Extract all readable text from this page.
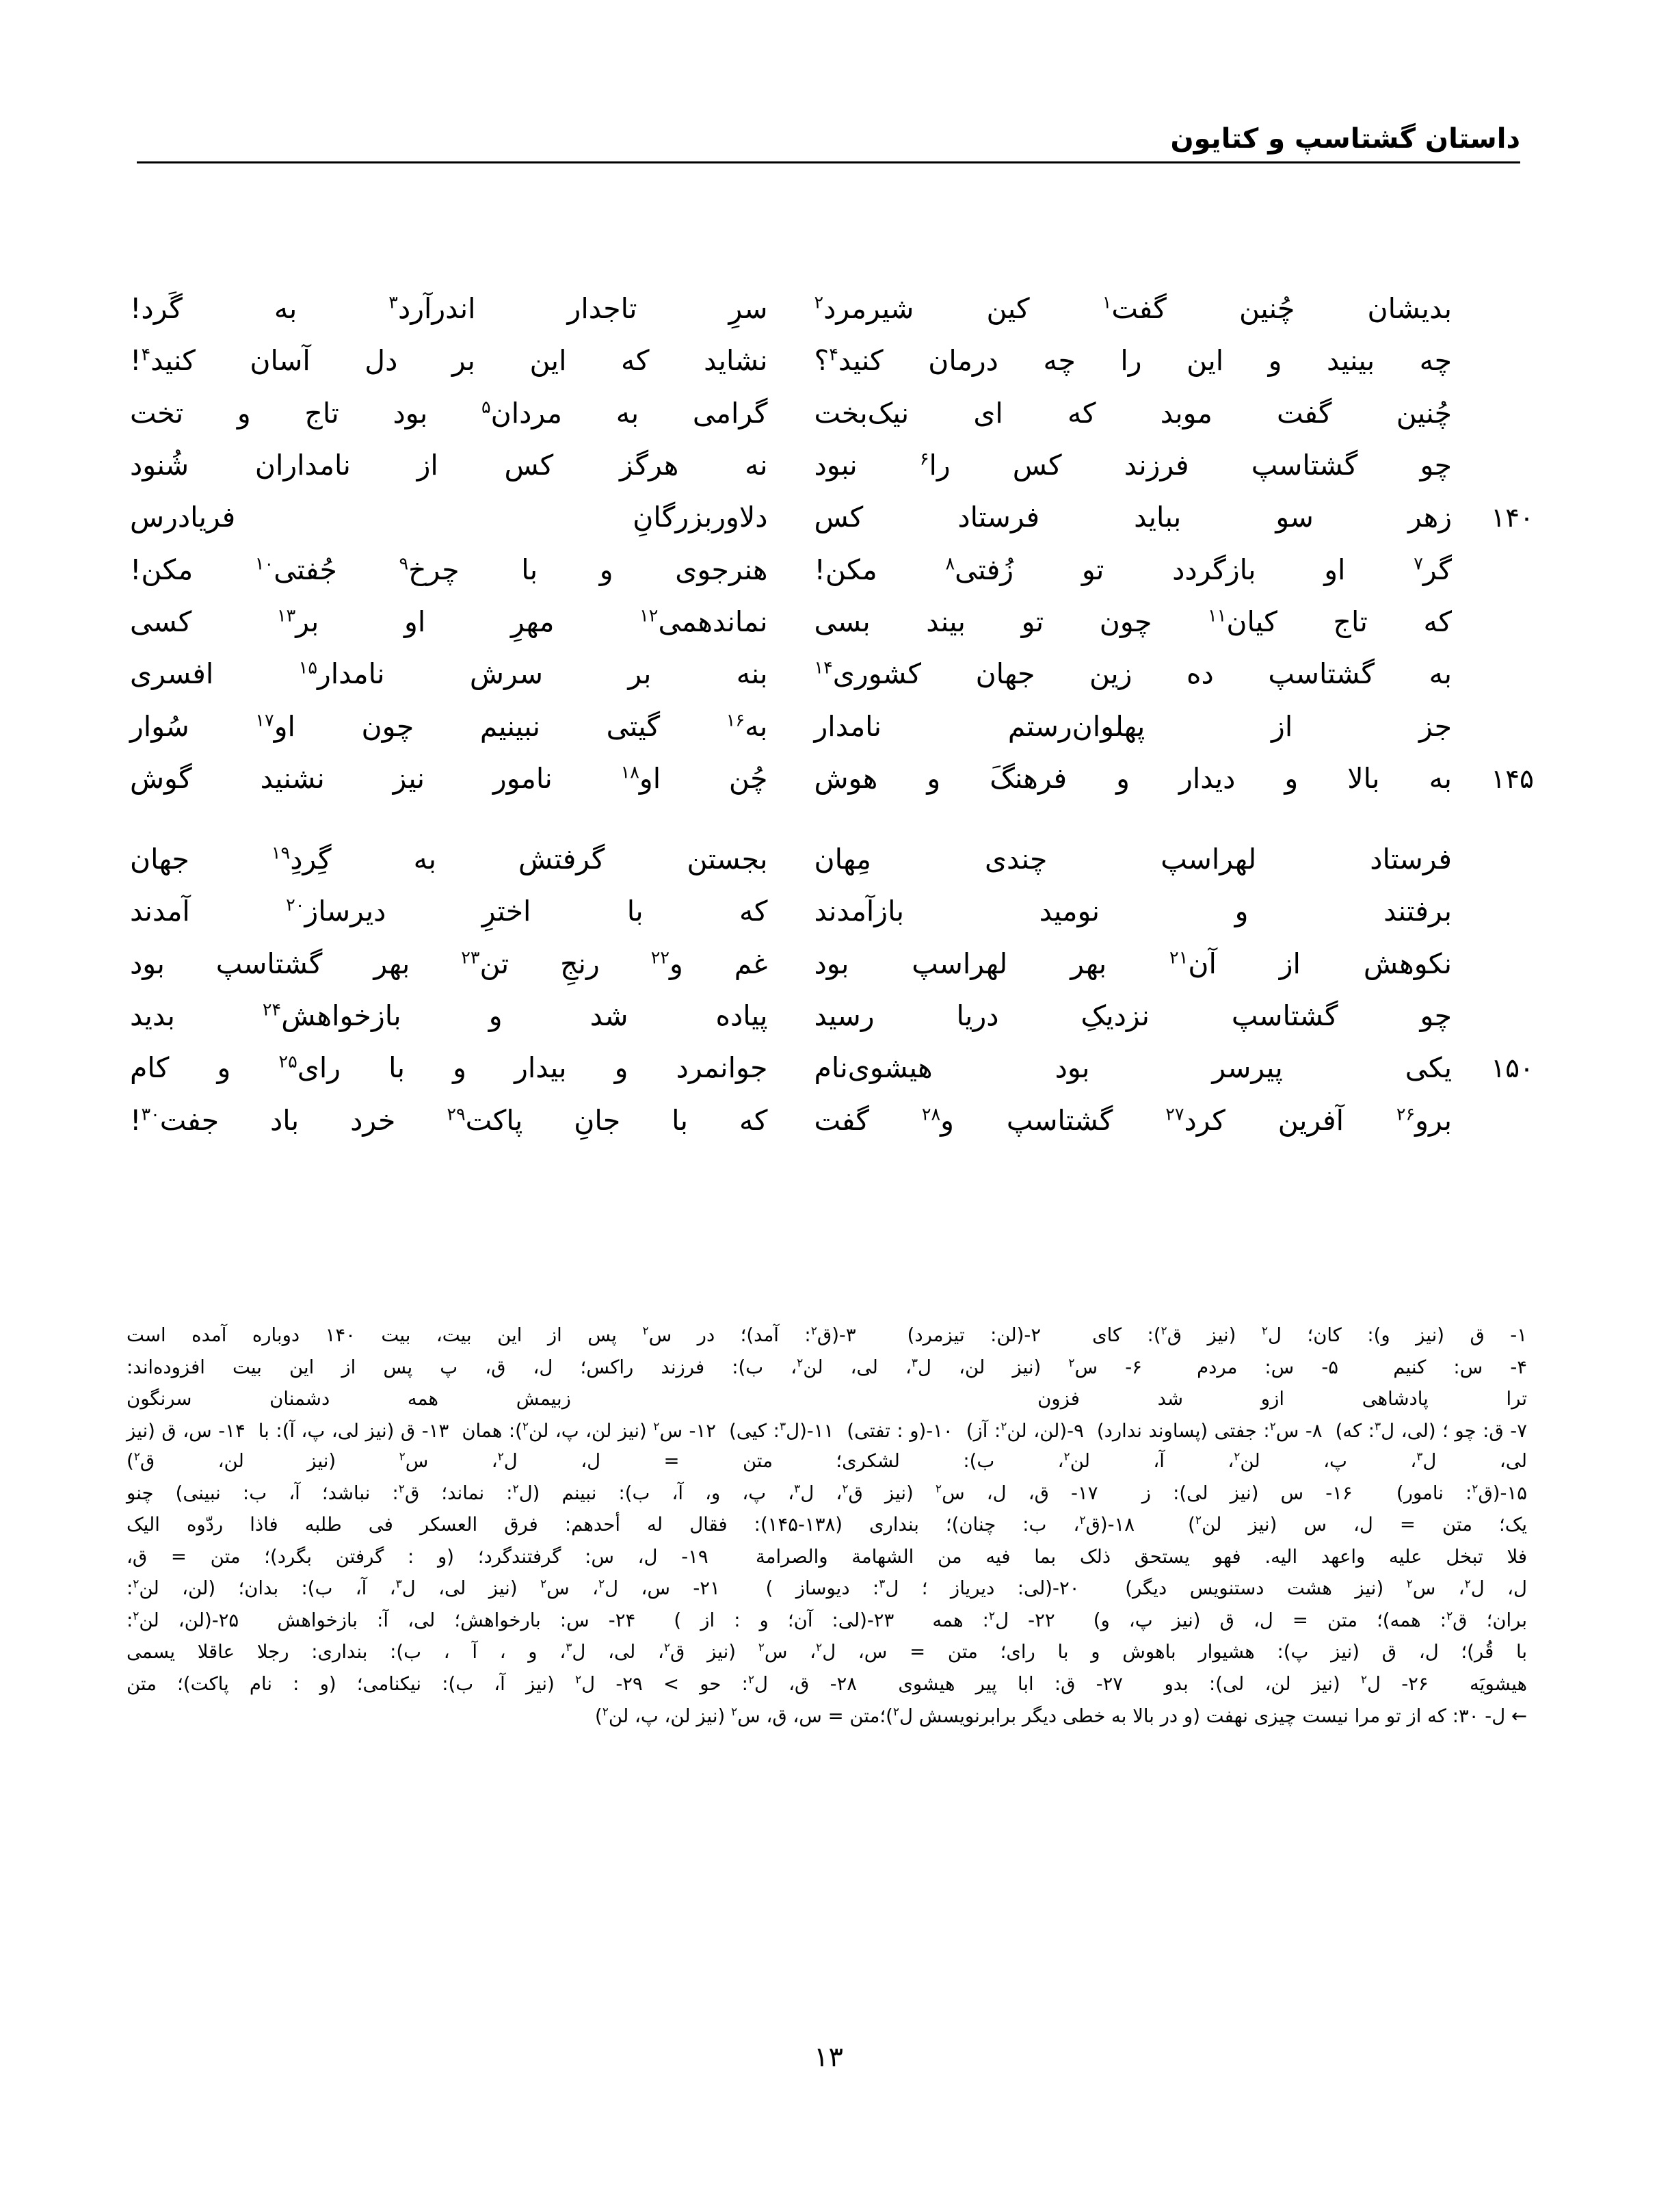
داستان گشتاسپ و کتایون
بدیشان چُنین گفت$^۱$ کین شیرمرد$^۲$
سرِ تاجدار اندرآرد$^۳$ به گَرد!
چه بینید و این را چه درمان کنید$^۴$؟
نشاید که این بر دل آسان کنید$^۴$!
چُنین گفت موبد که ای نیک‌بخت
گرامی به مردان$^۵$ بود تاج و تخت
چو گشتاسپ فرزند کس را$^۶$ نبود
نه هرگز کس از نامداران شُنود
۱۴۰
زهر سو بباید فرستاد کس
دلاوربزرگانِ فریادرس
گر$^۷$ او بازگردد تو زُفتی$^۸$ مکن!
هنرجوی و با چرخ$^۹$ جُفتی$^{۱۰}$ مکن!
که تاج کیان$^{۱۱}$ چون تو بیند بسی
نماندهمی$^{۱۲}$ مهرِ او بر$^{۱۳}$ کسی
به گشتاسپ ده زین جهان کشوری$^{۱۴}$
بنه بر سرش نامدار$^{۱۵}$ افسری
جز از پهلوان‌رستم نامدار
به$^{۱۶}$ گیتی نبینیم چون او$^{۱۷}$ سُوار
۱۴۵
به بالا و دیدار و فرهنگَ و هوش
چُن او$^{۱۸}$ نامور نیز نشنید گوش
فرستاد لهراسپ چندی مِهان
بجستن گرفتش به گِردِ$^{۱۹}$ جهان
برفتند و نومید بازآمدند
که با اخترِ دیرساز$^{۲۰}$ آمدند
نکوهش از آن$^{۲۱}$ بهر لهراسپ بود
غم و$^{۲۲}$ رنجِ تن$^{۲۳}$ بهر گشتاسپ بود
چو گشتاسپ نزدیکِ دریا رسید
پیاده شد و بازخواهش$^{۲۴}$ بدید
۱۵۰
یکی پیرسر بود هیشوی‌نام
جوانمرد و بیدار و با رای$^{۲۵}$ و کام
برو$^{۲۶}$ آفرین کرد$^{۲۷}$ گشتاسپ و$^{۲۸}$ گفت
که با جانِ پاکت$^{۲۹}$ خرد باد جفت$^{۳۰}$!
۱- ق (نیز و): کان؛ ل$^۲$ (نیز ق$^۲$): کای  ۲-(لن: تیزمرد)  ۳-(ق$^۲$: آمد)؛ در س$^۲$ پس از این بیت، بیت ۱۴۰ دوباره آمده است
۴- س: کنیم  ۵- س: مردم  ۶- س$^۲$ (نیز لن، ل$^۳$، لی، لن$^۲$، ب): فرزند راکس؛ ل، ق، پ پس از این بیت افزوده‌اند:
ترا پادشاهی ازو شد فزون      زبیمش همه دشمنان سرنگون
۷- ق: چو ؛ (لی، ل$^۳$: که)  ۸- س$^۲$: جفتی (پساوند ندارد)  ۹-(لن، لن$^۲$: آز)  ۱۰-(و : تفتی)  ۱۱-(ل$^۳$: کیی)  ۱۲- س$^۲$ (نیز لن، پ، لن$^۲$): همان  ۱۳- ق (نیز لی، پ، آ): با  ۱۴- س، ق (نیز لی، ل$^۳$، پ، لن$^۲$، آ، لن$^۲$، ب): لشکری؛ متن = ل، ل$^۲$، س$^۲$ (نیز لن، ق$^۲$)
۱۵-(ق$^۲$: نامور)  ۱۶- س (نیز لی): ز  ۱۷- ق، ل، س$^۲$ (نیز ق$^۲$، ل$^۳$، پ، و، آ، ب): نبینم (ل$^۲$: نماند؛ ق$^۲$: نباشد؛ آ، ب: نبینی) چنو
یک؛ متن = ل، س (نیز لن$^۲$)  ۱۸-(ق$^۲$، ب: چنان)؛ بنداری (۱۳۸-۱۴۵): فقال له أحدهم: فرق العسکر فی طلبه فاذا ردّوه الیک
فلا تبخل علیه واعهد الیه. فهو یستحق ذلک بما فیه من الشهامة والصرامة  ۱۹- ل، س: گرفتندگرد؛ (و : گرفتن بگرد)؛ متن = ق،
ل، ل$^۲$، س$^۲$ (نیز هشت دستنویس دیگر)  ۲۰-(لی: دیریاز ؛ ل$^۳$: دیوساز )  ۲۱- س، ل$^۲$، س$^۲$ (نیز لی، ل$^۳$، آ، ب): بدان؛ (لن، لن$^۲$:
بران؛ ق$^۲$: همه)؛ متن = ل، ق (نیز پ، و)  ۲۲- ل$^۲$: همه  ۲۳-(لی: آن؛ و : از )  ۲۴- س: بارخواهش؛ لی، آ: بازخواهش  ۲۵-(لن، لن$^۲$:
با قُر)؛ ل، ق (نیز پ): هشیوار باهوش و با رای؛ متن = س، ل$^۲$، س$^۲$ (نیز ق$^۲$، لی، ل$^۳$، و ، آ ، ب): بنداری: رجلا عاقلا یسمی
هیشویَه  ۲۶- ل$^۲$ (نیز لن، لی): بدو  ۲۷- ق: ابا پیر هیشوی  ۲۸- ق، ل$^۲$: حو > ۲۹- ل$^۲$ (نیز آ، ب): نیکنامی؛ (و : نام پاکت)؛ متن
← ل- ۳۰: که از تو مرا نیست چیزی نهفت (و در بالا به خطی دیگر برابرنویسش ل$^۲$)؛متن = س، ق، س$^۲$ (نیز لن، پ، لن$^۲$)
۱۳
